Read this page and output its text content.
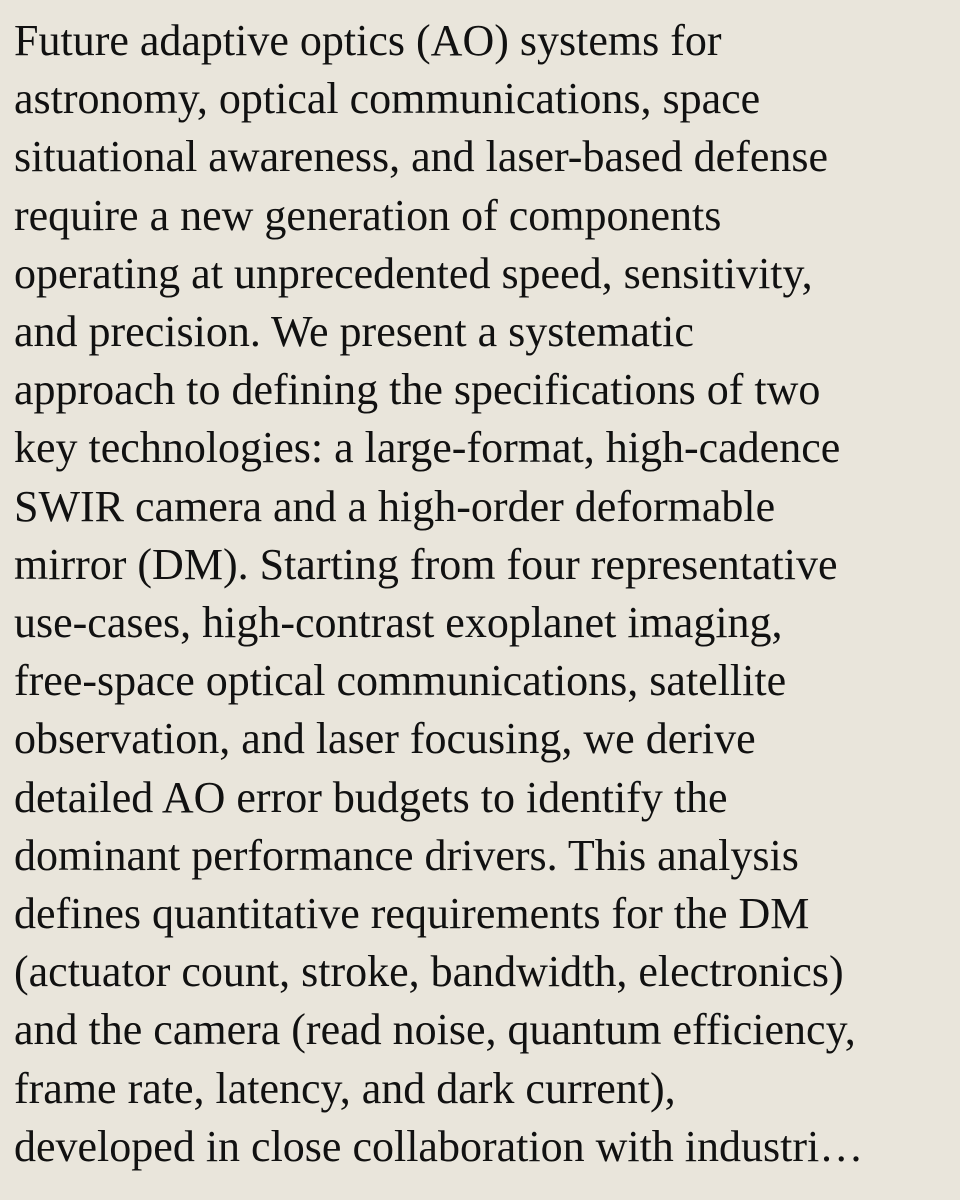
Future adaptive optics (AO) systems for
astronomy, optical communications, space
situational awareness, and laser-based defense
require a new generation of components
operating at unprecedented speed, sensitivity,
and precision. We present a systematic
approach to defining the specifications of two
key technologies: a large-format, high-cadence
SWIR camera and a high-order deformable
mirror (DM). Starting from four representative
use-cases, high-contrast exoplanet imaging,
free-space optical communications, satellite
observation, and laser focusing, we derive
detailed AO error budgets to identify the
dominant performance drivers. This analysis
defines quantitative requirements for the DM
(actuator count, stroke, bandwidth, electronics)
and the camera (read noise, quantum efficiency,
frame rate, latency, and dark current),
developed in close collaboration with industri…
